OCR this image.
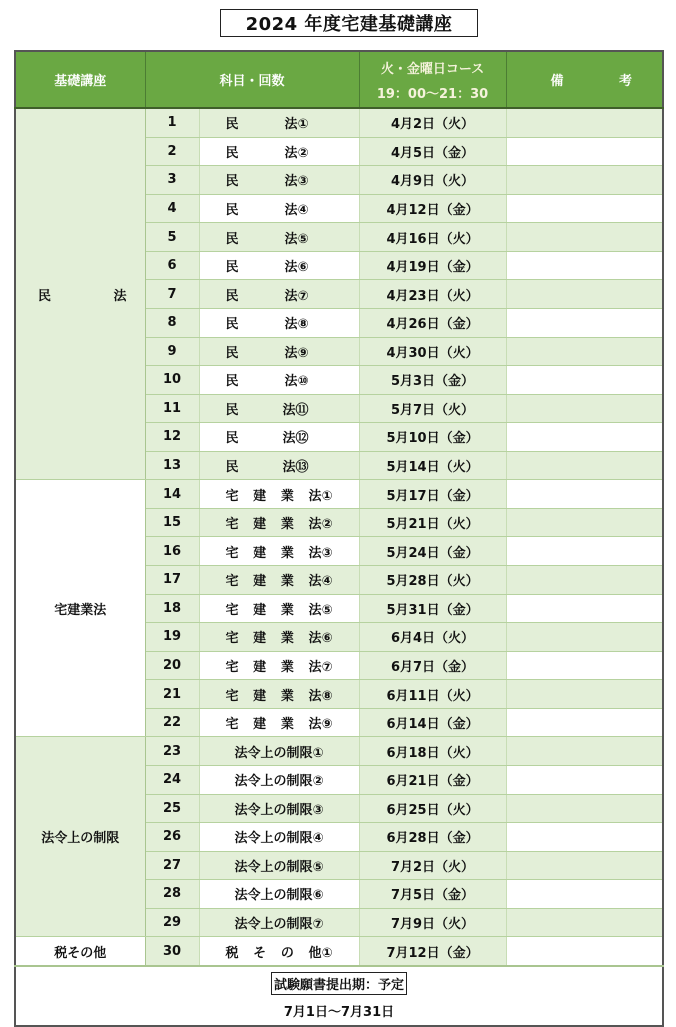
2024 年度宅建基礎講座
基礎講座	科目・回数		火・金曜日コース
19：00〜21：30	備 考

民 法	1	民 法①	4月2日（火）	
	2	民 法②	4月5日（金）	
	3	民 法③	4月9日（火）	
	4	民 法④	4月12日（金）	
	5	民 法⑤	4月16日（火）	
	6	民 法⑥	4月19日（金）	
	7	民 法⑦	4月23日（火）	
	8	民 法⑧	4月26日（金）	
	9	民 法⑨	4月30日（火）	
	10	民 法⑩	5月3日（金）	
	11	民 法⑪	5月7日（火）	
	12	民 法⑫	5月10日（金）	
	13	民 法⑬	5月14日（火）	
宅建業法	14	宅 建 業 法①	5月17日（金）	
	15	宅 建 業 法②	5月21日（火）	
	16	宅 建 業 法③	5月24日（金）	
	17	宅 建 業 法④	5月28日（火）	
	18	宅 建 業 法⑤	5月31日（金）	
	19	宅 建 業 法⑥	6月4日（火）	
	20	宅 建 業 法⑦	6月7日（金）	
	21	宅 建 業 法⑧	6月11日（火）	
	22	宅 建 業 法⑨	6月14日（金）	
法令上の制限	23	法令上の制限①	6月18日（火）	
	24	法令上の制限②	6月21日（金）	
	25	法令上の制限③	6月25日（火）	
	26	法令上の制限④	6月28日（金）	
	27	法令上の制限⑤	7月2日（火）	
	28	法令上の制限⑥	7月5日（金）	
	29	法令上の制限⑦	7月9日（火）	
税その他	30	税 そ の 他①	7月12日（金）	
試験願書提出期：予定
7月1日〜7月31日				
